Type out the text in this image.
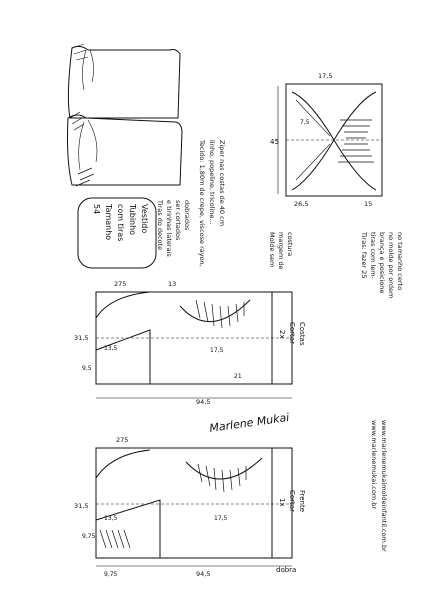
Vestido
Tubinho
com tiras
Tamanho
54	Tiras do decote e tirinhas laterais ser cortados dobrados Tecido: 1,80m de crepe, viscose rayon, linho, popeline, tricoline... Ziper nas costas de 40 cm
Molde sem margem de costura	Tiras: fazer 25 tiras com lem- brança e posicione no molde por ordem no tamanho certo
17,5
45
26,5	15
7,5
Costas
Cortar
2x
275	13
31,5
13,5
9,5
17,5
21
94,5
Marlene Mukai
Frente
Cortar
1x
dobra
275
31,5
9,75
13,5	17,5
9,75	94,5
www.marlenemukai.com.br www.marlenemukaimoldeinfantil.com.br
